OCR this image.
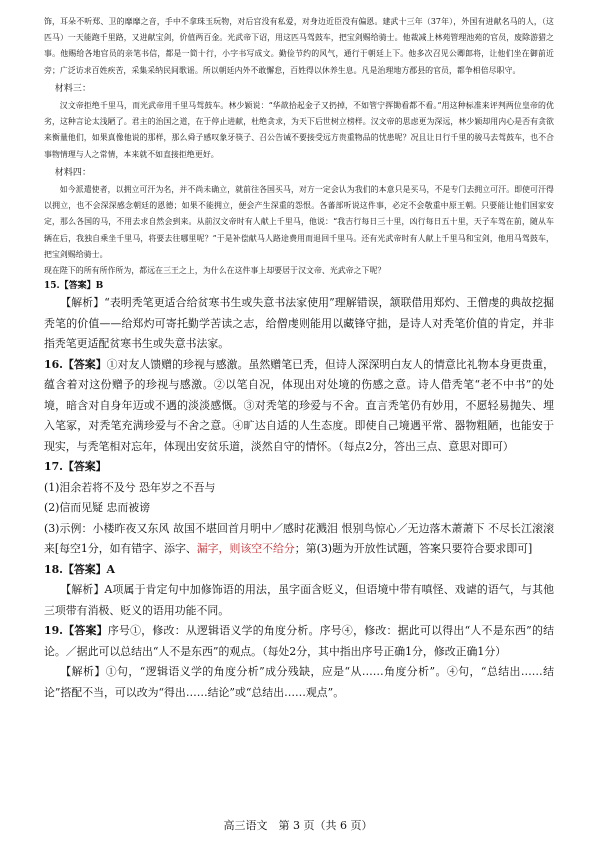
饰，耳朵不听郑、卫的靡靡之音，手中不拿珠玉玩物，对后宫没有私爱，对身边近臣没有偏恩。建武十三年（37年），外国有进献名马的人，（这匹马）一天能跑千里路，又进献宝剑，价值两百金。光武帝下诏，用这匹马驾鼓车，把宝剑赐给骑士。他裁减上林苑管理池苑的官员，废除游猎之事。他赐给各地官员的亲笔书信，都是一简十行，小字书写成文。勤俭节约的风气，通行于朝廷上下。他多次召见公卿郎将，让他们坐在御前近旁；广泛访求百姓疾苦，采集采纳民间歌谣。所以朝廷内外不敢懈怠，百姓得以休养生息。凡是治理地方郡县的官员，都争相倍尽职守。

材料三：

汉文帝拒绝千里马，而光武帝用千里马驾鼓车。林少颖说：“华歆拾起金子又扔掉，不如管宁挥锄看都不看。”用这种标准来评判两位皇帝的优劣，这种言论太浅陋了。君主的治国之道，在于停止进献，杜绝贪求，为天下后世树立榜样。汉文帝的思虑更为深远，林少颖却用内心是否有贪欲来衡量他们，如果真像他说的那样，那么舜子感叹象牙筷子、召公告诫不要接受远方贵重物品的忧患呢？况且让日行千里的骏马去驾鼓车，也不合事物情理与人之常情，本来就不如直接拒绝更好。

材料四：

如今派遣使者，以拥立可汗为名，并不尚未确立，就前往各国买马，对方一定会认为我们的本意只是买马，不是专门去拥立可汗。即使可汗得以拥立，也不会深深感念朝廷的恩德；如果不能拥立，便会产生深重的怨恨。各蕃部听说这件事，必定不会敬重中原王朝。只要能让他们国家安定，那么各国的马，不用去求自然会到来。从前汉文帝时有人献上千里马，他说：“我吉行每日三十里，凶行每日五十里，天子车驾在前，随从车辆在后，我独自乘坐千里马，将要去往哪里呢？”于是补偿献马人路途费用而退回千里马。还有光武帝时有人献上千里马和宝剑，他用马驾鼓车，把宝剑赐给骑士。

现在陛下的所有所作所为，都远在三王之上，为什么在这件事上却要居于汉文帝、光武帝之下呢？

15.【答案】B

【解析】“表明秃笔更适合给贫寒书生或失意书法家使用”理解错误，颔联借用郑灼、王僧虔的典故挖掘秃笔的价值——给郑灼可寄托勤学苦读之志，给僧虔则能用以藏锋守拙，是诗人对秃笔价值的肯定，并非指秃笔更适配贫寒书生或失意书法家。

16.【答案】①对友人馈赠的珍视与感激。虽然赠笔已秃，但诗人深深明白友人的情意比礼物本身更贵重，蕴含着对这份赠予的珍视与感激。②以笔自况，体现出对处境的伤感之意。诗人借秃笔“老不中书”的处境，暗含对自身年迈或不遇的淡淡感慨。③对秃笔的珍爱与不舍。直言秃笔仍有妙用，不愿轻易抛失、埋入笔冢，对秃笔充满珍爱与不舍之意。④旷达自适的人生态度。即使自己境遇平常、器物粗陋，也能安于现实，与秃笔相对忘年，体现出安贫乐道，淡然自守的情怀。（每点2分，答出三点、意思对即可）

17.【答案】

(1)泪余若将不及兮 恐年岁之不吾与

(2)信而见疑 忠而被谤

(3)示例：小楼昨夜又东风 故国不堪回首月明中／感时花溅泪 恨别鸟惊心／无边落木萧萧下 不尽长江滚滚来[每空1分，如有错字、添字、漏字，则该空不给分；第(3)题为开放性试题，答案只要符合要求即可]

18.【答案】A

【解析】A项属于肯定句中加修饰语的用法，虽字面含贬义，但语境中带有嗔怪、戏谑的语气，与其他三项带有消极、贬义的语用功能不同。

19.【答案】序号①，修改：从逻辑语义学的角度分析。序号④，修改：据此可以得出“人不是东西”的结论。／据此可以总结出“人不是东西”的观点。（每处2分，其中指出序号正确1分，修改正确1分）

【解析】①句，“逻辑语义学的角度分析”成分残缺，应是“从……角度分析”。④句，“总结出……结论”搭配不当，可以改为“得出……结论”或“总结出……观点”。

高三语文　第 3 页（共 6 页）
